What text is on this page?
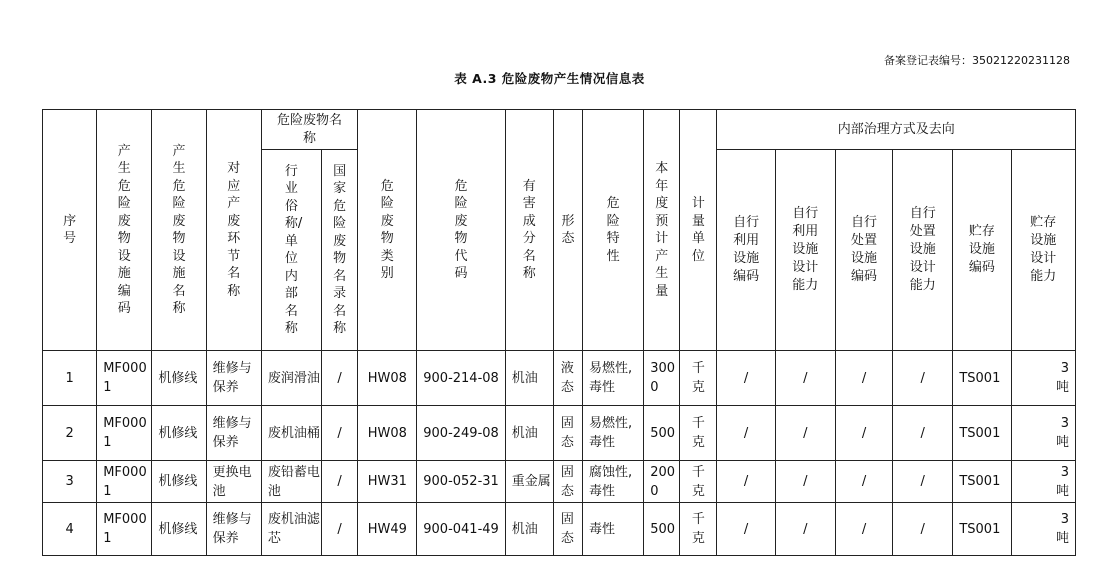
备案登记表编号：35021220231128
表 A.3 危险废物产生情况信息表
序号	产生危险废物设施编码	产生危险废物设施名称	对应产废环节名称	危险废物名称		危险废物类别	危险废物代码	有害成分名称	形态	危险特性	本年度预计产生量	计量单位	内部治理方式及去向					

				行业俗称/单位内部名称	国家危险废物名录名称								自行利用设施编码	自行利用设施设计能力	自行处置设施编码	自行处置设施设计能力	贮存设施编码	贮存设施设计能力
1	MF0001	机修线	维修与保养	废润滑油	/	HW08	900-214-08	机油	液态	易燃性,毒性	3000	千克	/	/	/	/	TS001	3吨
2	MF0001	机修线	维修与保养	废机油桶	/	HW08	900-249-08	机油	固态	易燃性,毒性	500	千克	/	/	/	/	TS001	3吨
3	MF0001	机修线	更换电池	废铅蓄电池	/	HW31	900-052-31	重金属	固态	腐蚀性,毒性	2000	千克	/	/	/	/	TS001	3吨
4	MF0001	机修线	维修与保养	废机油滤芯	/	HW49	900-041-49	机油	固态	毒性	500	千克	/	/	/	/	TS001	3吨
